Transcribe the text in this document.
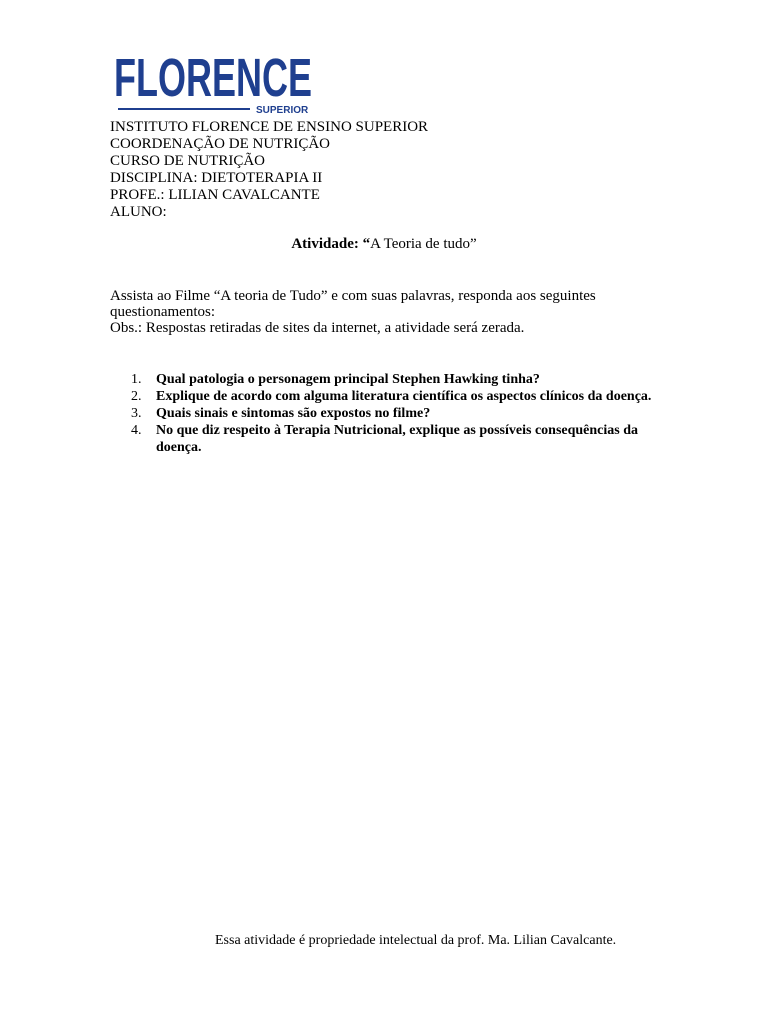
FLORENCE
SUPERIOR
INSTITUTO FLORENCE DE ENSINO SUPERIOR
COORDENAÇÃO DE NUTRIÇÃO
CURSO DE NUTRIÇÃO
DISCIPLINA: DIETOTERAPIA II
PROFE.: LILIAN CAVALCANTE
ALUNO:
Atividade: “A Teoria de tudo”
Assista ao Filme “A teoria de Tudo” e com suas palavras, responda aos seguintes questionamentos:
Obs.: Respostas retiradas de sites da internet, a atividade será zerada.
1. Qual patologia o personagem principal Stephen Hawking tinha?
2. Explique de acordo com alguma literatura científica os aspectos clínicos da doença.
3. Quais sinais e sintomas são expostos no filme?
4. No que diz respeito à Terapia Nutricional, explique as possíveis consequências da doença.
Essa atividade é propriedade intelectual da prof. Ma. Lilian Cavalcante.
